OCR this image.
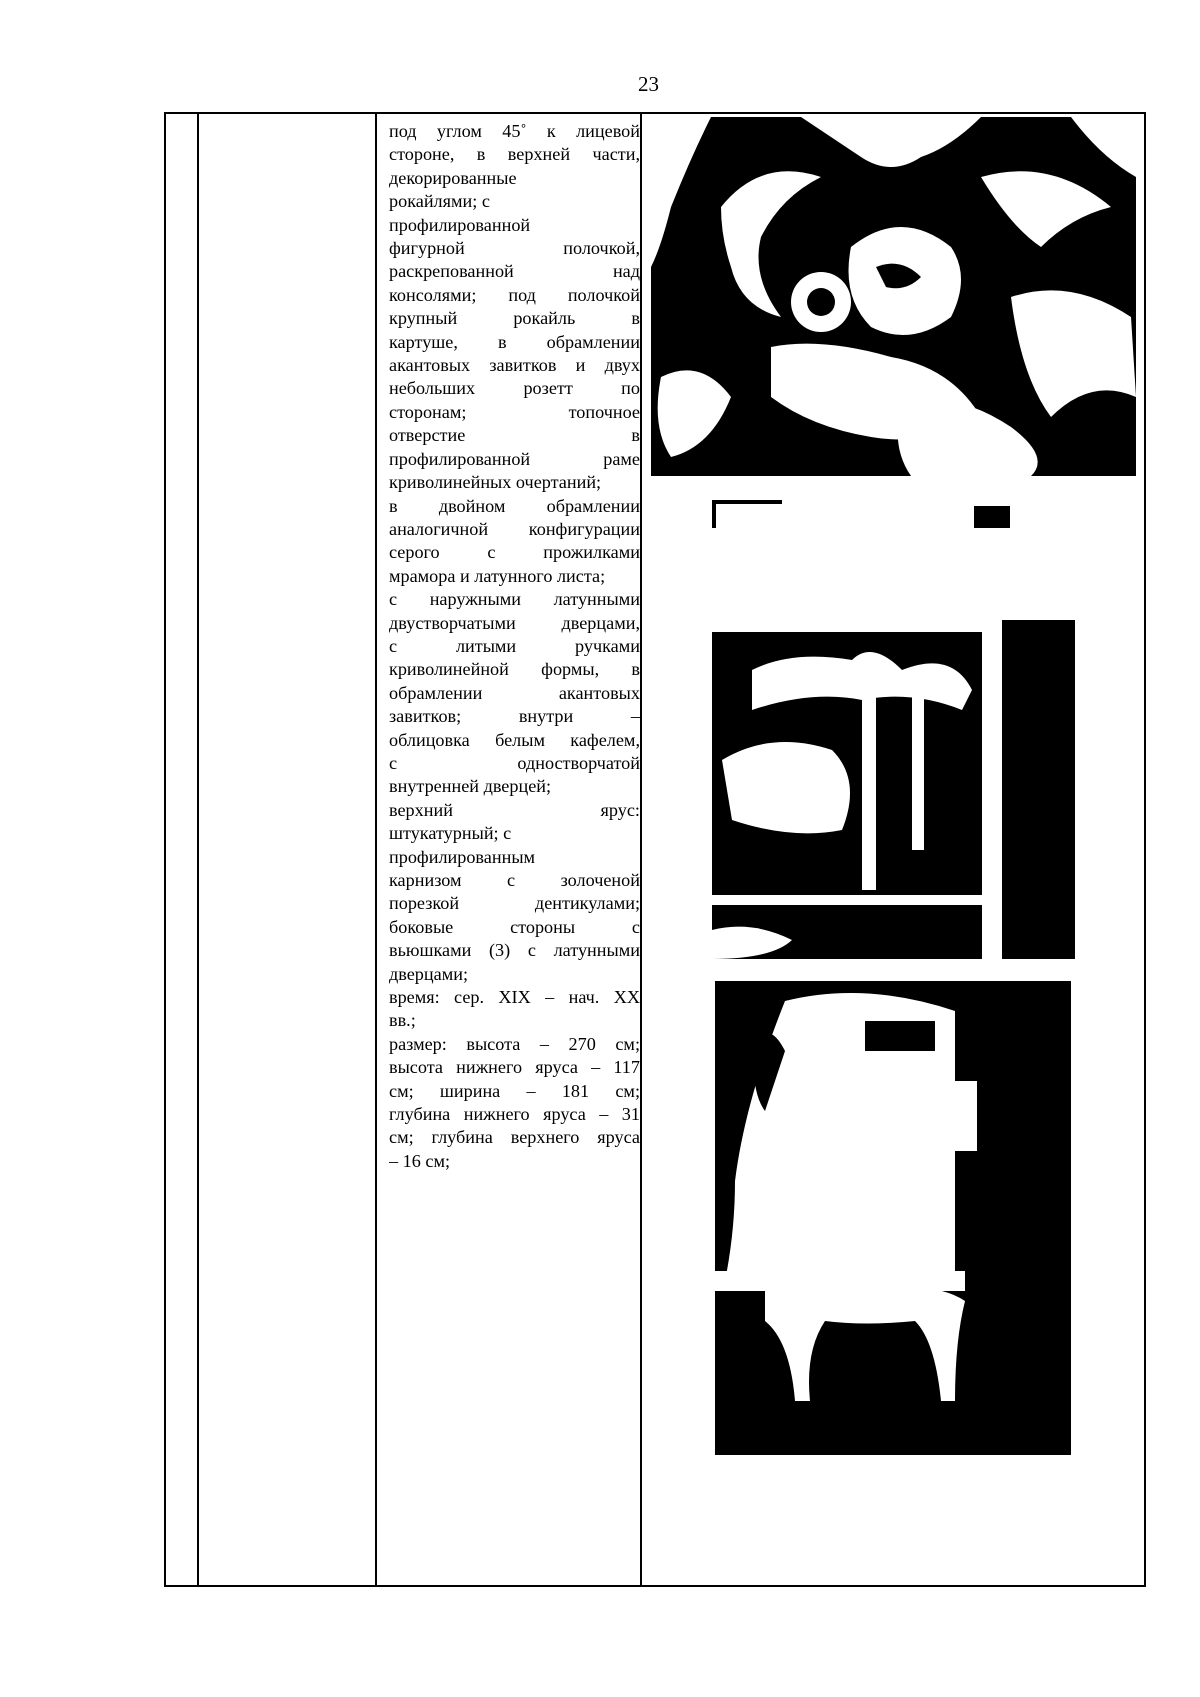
23
под углом 45˚ к лицевой
стороне, в верхней части,
декорированные
рокайлями; с
профилированной
фигурной полочкой,
раскрепованной над
консолями; под полочкой
крупный рокайль в
картуше, в обрамлении
акантовых завитков и двух
небольших розетт по
сторонам; топочное
отверстие в
профилированной раме
криволинейных очертаний;
в двойном обрамлении
аналогичной конфигурации
серого с прожилками
мрамора и латунного листа;
с наружными латунными
двустворчатыми дверцами,
с литыми ручками
криволинейной формы, в
обрамлении акантовых
завитков; внутри –
облицовка белым кафелем,
с одностворчатой
внутренней дверцей;
верхний ярус:
штукатурный; с
профилированным
карнизом с золоченой
порезкой дентикулами;
боковые стороны с
вьюшками (3) с латунными
дверцами;
время: сер. XIX – нач. XX
вв.;
размер: высота – 270 см;
высота нижнего яруса – 117
см; ширина – 181 см;
глубина нижнего яруса – 31
см; глубина верхнего яруса
– 16 см;
